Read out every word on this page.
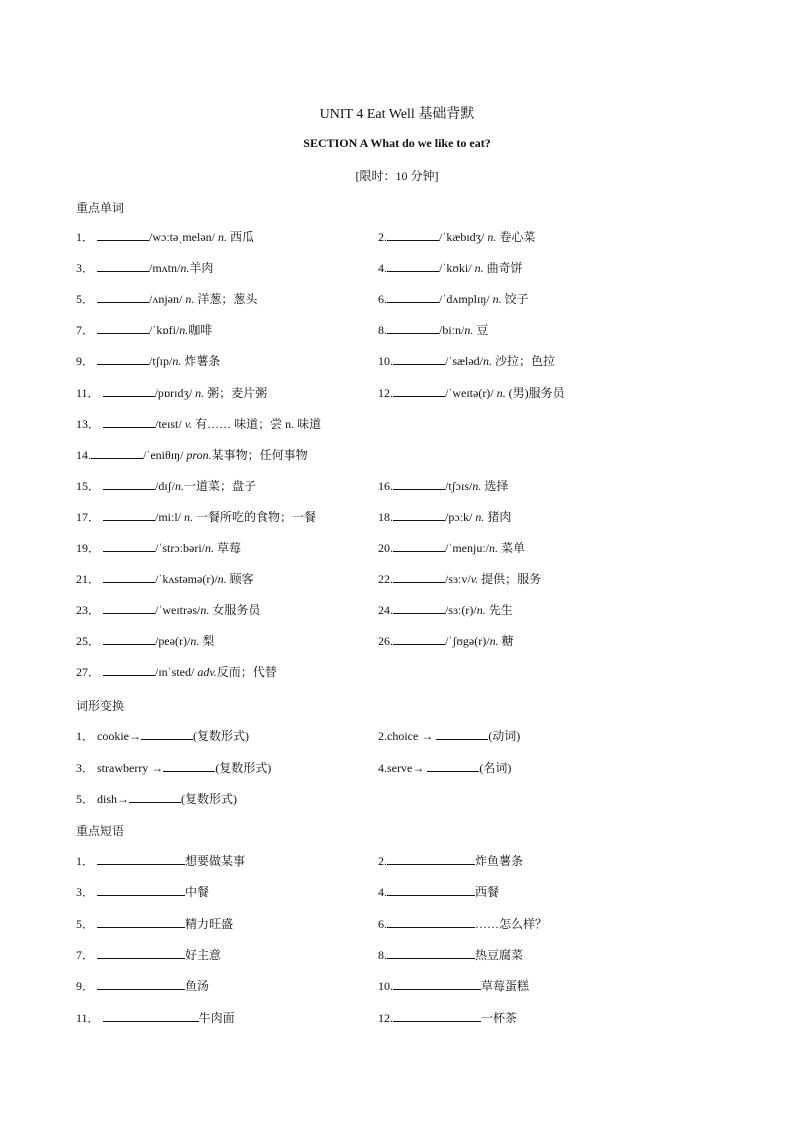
UNIT 4 Eat Well 基础背默
SECTION A What do we like to eat?
[限时：10 分钟]
重点单词
1．	/wɔːtəˌmelən/ n. 西瓜	2.	/ˈkæbɪdʒ/ n. 卷心菜
3．	/mʌtn/n.羊肉	4.	/ˈkʊki/ n. 曲奇饼
5．	/ʌnjən/ n. 洋葱；葱头	6.	/ˈdʌmplɪŋ/ n. 饺子
7．	/ˈkɒfi/n.咖啡	8.	/biːn/n. 豆
9．	/tʃɪp/n. 炸薯条	10.	/ˈsæləd/n. 沙拉；色拉
11．	/pɒrɪdʒ/ n. 粥；麦片粥	12.	/ˈweɪtə(r)/ n. (男)服务员
13．	/teɪst/ v. 有…… 味道；尝 n. 味道
14.	/ˈeniθɪŋ/ pron.某事物；任何事物
15．	/dɪʃ/n.一道菜；盘子	16.	/tʃɔɪs/n. 选择
17．	/miːl/ n. 一餐所吃的食物；一餐	18.	/pɔːk/ n. 猪肉
19．	/ˈstrɔːbəri/n. 草莓	20.	/ˈmenjuː/n. 菜单
21．	/ˈkʌstəmə(r)/n. 顾客	22.	/sɜːv/v. 提供；服务
23．	/ˈweɪtrəs/n. 女服务员	24.	/sɜː(r)/n. 先生
25．	/peə(r)/n. 梨	26.	/ˈʃʊgə(r)/n. 糖
27．	/ɪnˈsted/ adv.反而；代替
词形变换
1． cookie→	(复数形式)	2.choice →	(动词)
3． strawberry →	(复数形式)	4.serve→	(名词)
5． dish→	(复数形式)
重点短语
1．	想要做某事	2.	炸鱼薯条
3．	中餐	4.	西餐
5．	精力旺盛	6.	……怎么样？
7．	好主意	8.	热豆腐菜
9．	鱼汤	10.	草莓蛋糕
11．	牛肉面	12.	一杯茶
